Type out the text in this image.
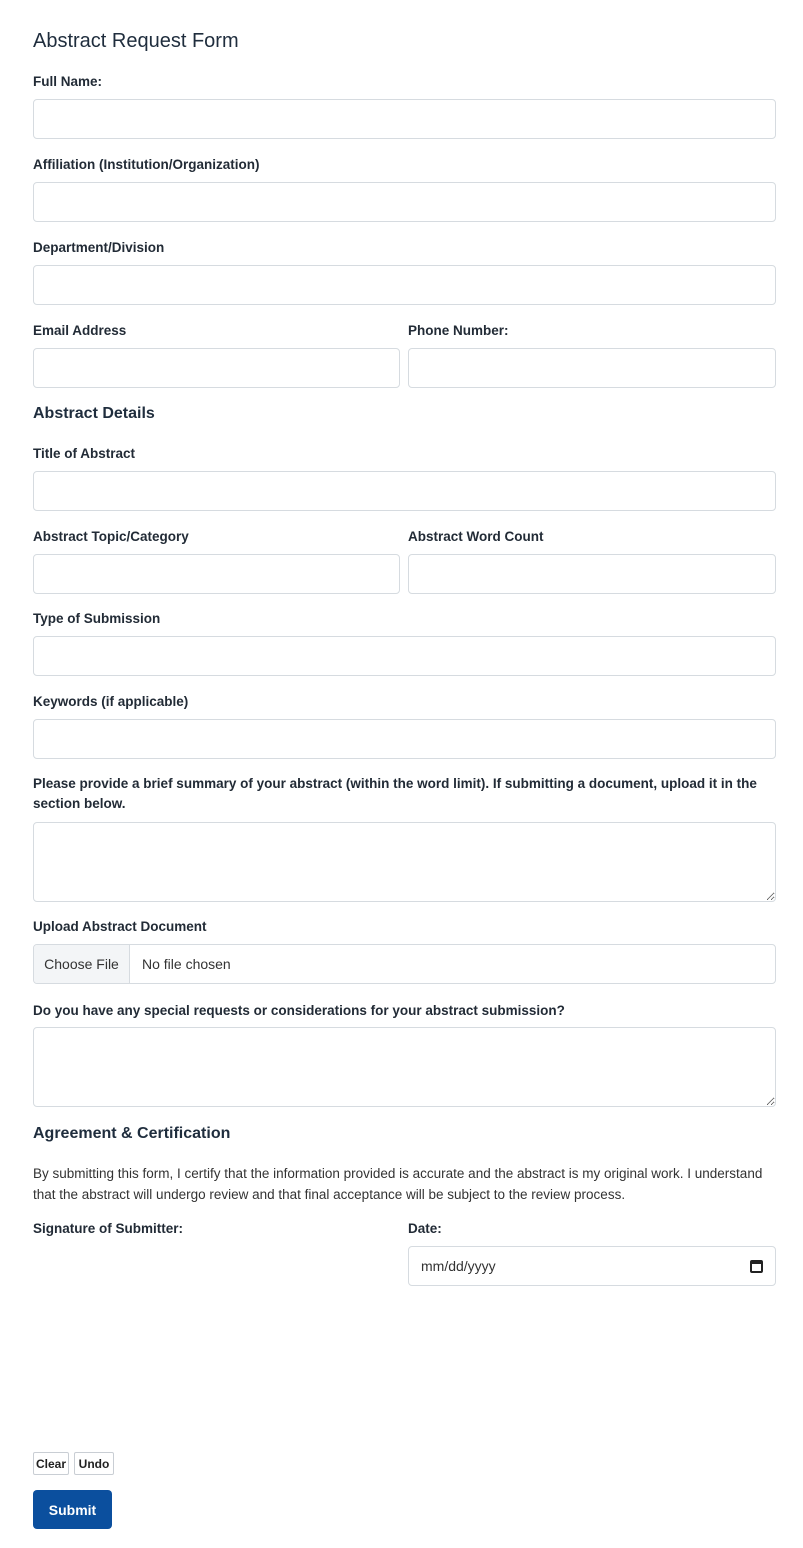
Abstract Request Form
Full Name:
Affiliation (Institution/Organization)
Department/Division
Email Address	Phone Number:
Abstract Details
Title of Abstract
Abstract Topic/Category	Abstract Word Count
Type of Submission
Keywords (if applicable)
Please provide a brief summary of your abstract (within the word limit). If submitting a document, upload it in the section below.
Upload Abstract Document
Choose File	No file chosen
Do you have any special requests or considerations for your abstract submission?
Agreement & Certification
By submitting this form, I certify that the information provided is accurate and the abstract is my original work. I understand that the abstract will undergo review and that final acceptance will be subject to the review process.
Signature of Submitter:	Date:
mm/dd/yyyy
Clear	Undo
Submit
